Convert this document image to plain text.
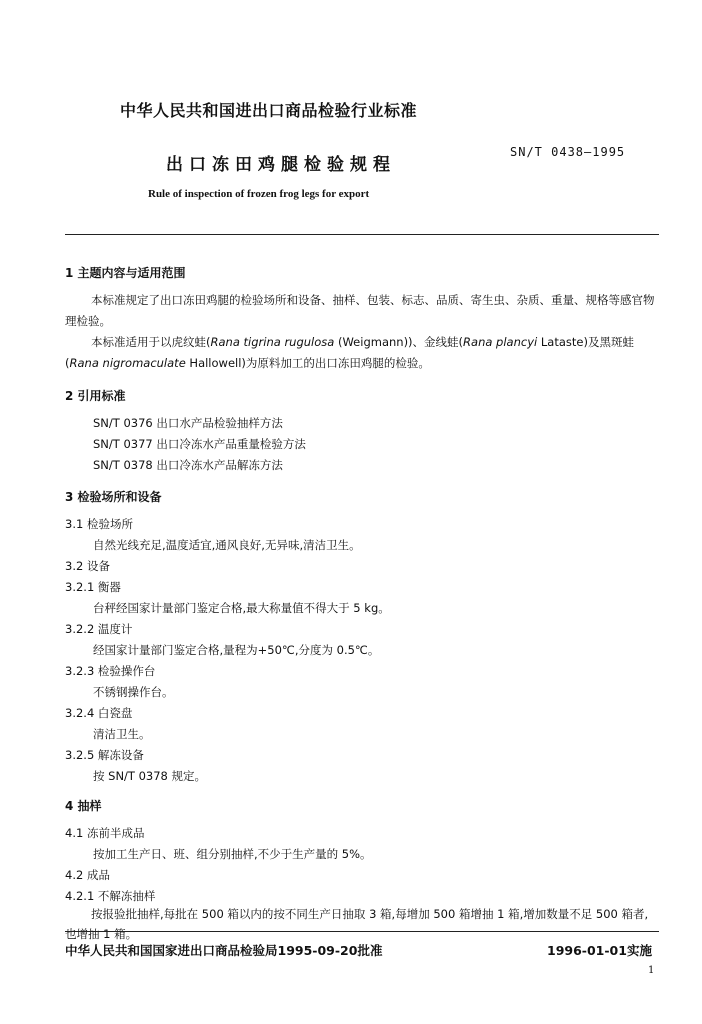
中华人民共和国进出口商品检验行业标准
出口冻田鸡腿检验规程
SN/T 0438—1995
Rule of inspection of frozen frog legs for export
1 主题内容与适用范围
本标准规定了出口冻田鸡腿的检验场所和设备、抽样、包装、标志、品质、寄生虫、杂质、重量、规格等感官物理检验。
本标准适用于以虎纹蛙(Rana tigrina rugulosa (Weigmann))、金线蛙(Rana plancyi Lataste)及黑斑蛙(Rana nigromaculate Hallowell)为原料加工的出口冻田鸡腿的检验。
2 引用标准
SN/T 0376 出口水产品检验抽样方法
SN/T 0377 出口冷冻水产品重量检验方法
SN/T 0378 出口冷冻水产品解冻方法
3 检验场所和设备
3.1 检验场所
自然光线充足,温度适宜,通风良好,无异味,清洁卫生。
3.2 设备
3.2.1 衡器
台秤经国家计量部门鉴定合格,最大称量值不得大于 5 kg。
3.2.2 温度计
经国家计量部门鉴定合格,量程为+50℃,分度为 0.5℃。
3.2.3 检验操作台
不锈钢操作台。
3.2.4 白瓷盘
清洁卫生。
3.2.5 解冻设备
按 SN/T 0378 规定。
4 抽样
4.1 冻前半成品
按加工生产日、班、组分别抽样,不少于生产量的 5%。
4.2 成品
4.2.1 不解冻抽样
按报验批抽样,每批在 500 箱以内的按不同生产日抽取 3 箱,每增加 500 箱增抽 1 箱,增加数量不足 500 箱者,也增抽 1 箱。
中华人民共和国国家进出口商品检验局1995-09-20批准	1996-01-01实施
1
